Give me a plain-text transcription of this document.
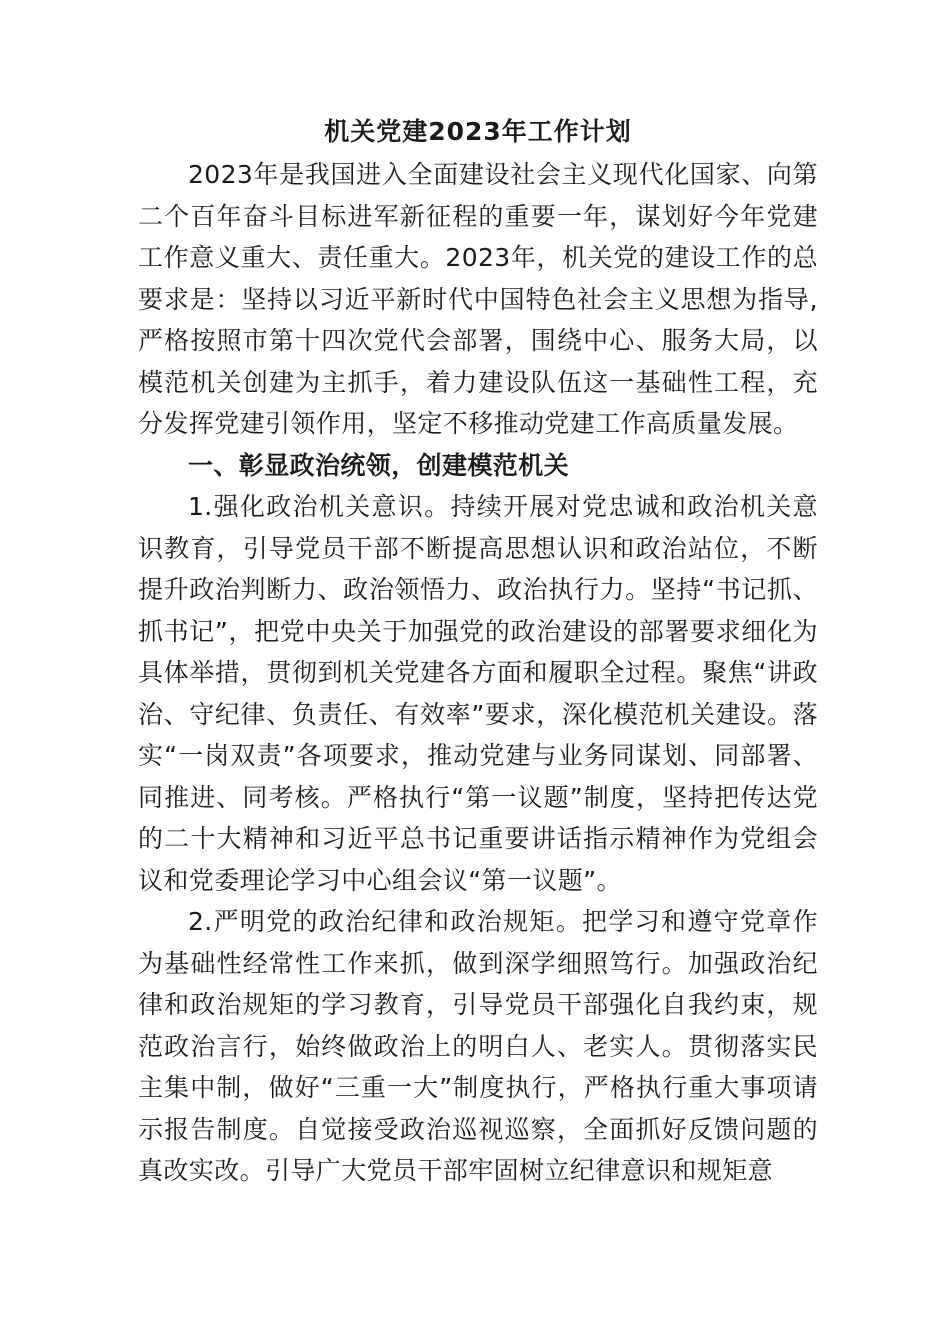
机关党建2023年工作计划

2023年是我国进入全面建设社会主义现代化国家、向第二个百年奋斗目标进军新征程的重要一年，谋划好今年党建工作意义重大、责任重大。2023年，机关党的建设工作的总要求是：坚持以习近平新时代中国特色社会主义思想为指导,严格按照市第十四次党代会部署，围绕中心、服务大局，以模范机关创建为主抓手，着力建设队伍这一基础性工程，充分发挥党建引领作用，坚定不移推动党建工作高质量发展。

一、彰显政治统领，创建模范机关

1.强化政治机关意识。持续开展对党忠诚和政治机关意识教育，引导党员干部不断提高思想认识和政治站位，不断提升政治判断力、政治领悟力、政治执行力。坚持“书记抓、抓书记”，把党中央关于加强党的政治建设的部署要求细化为具体举措，贯彻到机关党建各方面和履职全过程。聚焦“讲政治、守纪律、负责任、有效率”要求，深化模范机关建设。落实“一岗双责”各项要求，推动党建与业务同谋划、同部署、同推进、同考核。严格执行“第一议题”制度，坚持把传达党的二十大精神和习近平总书记重要讲话指示精神作为党组会议和党委理论学习中心组会议“第一议题”。

2.严明党的政治纪律和政治规矩。把学习和遵守党章作为基础性经常性工作来抓，做到深学细照笃行。加强政治纪律和政治规矩的学习教育，引导党员干部强化自我约束，规范政治言行，始终做政治上的明白人、老实人。贯彻落实民主集中制，做好“三重一大”制度执行，严格执行重大事项请示报告制度。自觉接受政治巡视巡察，全面抓好反馈问题的真改实改。引导广大党员干部牢固树立纪律意识和规矩意
